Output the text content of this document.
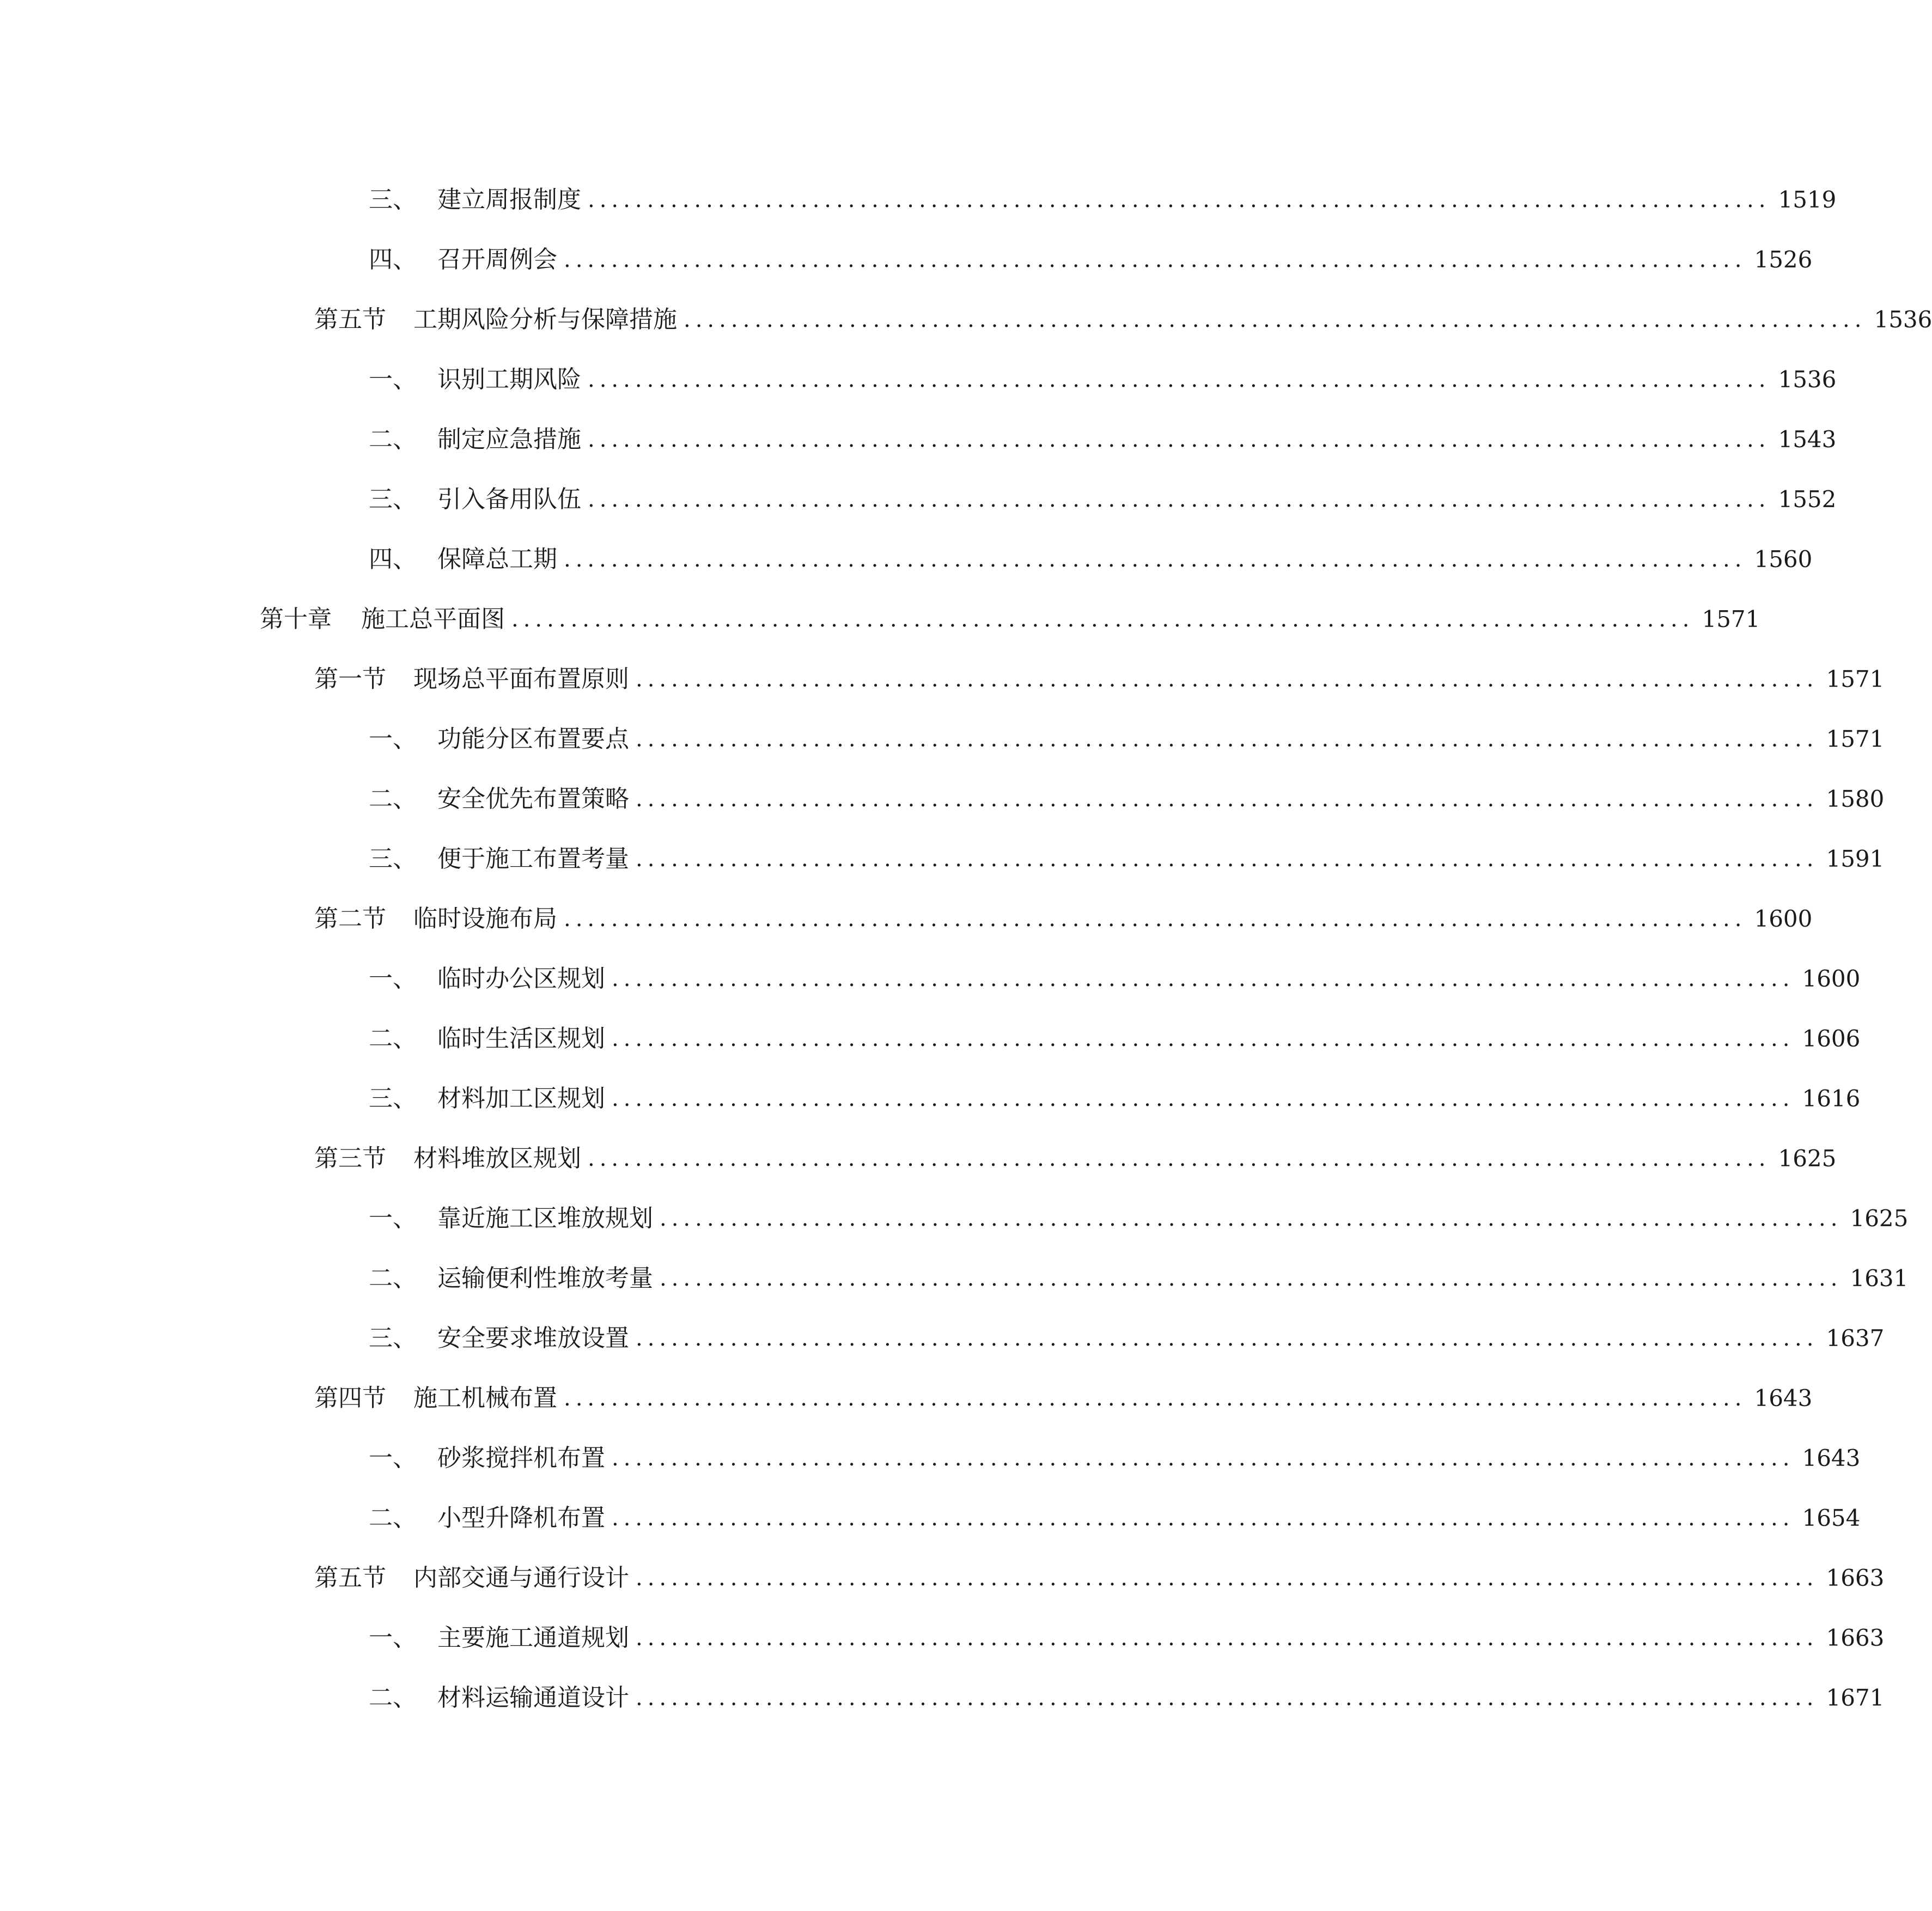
三、 建立周报制度 .................................................................................................... 1519
四、 召开周例会 .................................................................................................... 1526
第五节	工期风险分析与保障措施 .................................................................................................... 1536
一、 识别工期风险 .................................................................................................... 1536
二、 制定应急措施 .................................................................................................... 1543
三、 引入备用队伍 .................................................................................................... 1552
四、 保障总工期 .................................................................................................... 1560
第十章	施工总平面图 .................................................................................................... 1571
第一节	现场总平面布置原则 .................................................................................................... 1571
一、 功能分区布置要点 .................................................................................................... 1571
二、 安全优先布置策略 .................................................................................................... 1580
三、 便于施工布置考量 .................................................................................................... 1591
第二节	临时设施布局 .................................................................................................... 1600
一、 临时办公区规划 .................................................................................................... 1600
二、 临时生活区规划 .................................................................................................... 1606
三、 材料加工区规划 .................................................................................................... 1616
第三节	材料堆放区规划 .................................................................................................... 1625
一、 靠近施工区堆放规划 .................................................................................................... 1625
二、 运输便利性堆放考量 .................................................................................................... 1631
三、 安全要求堆放设置 .................................................................................................... 1637
第四节	施工机械布置 .................................................................................................... 1643
一、 砂浆搅拌机布置 .................................................................................................... 1643
二、 小型升降机布置 .................................................................................................... 1654
第五节	内部交通与通行设计 .................................................................................................... 1663
一、 主要施工通道规划 .................................................................................................... 1663
二、 材料运输通道设计 .................................................................................................... 1671
